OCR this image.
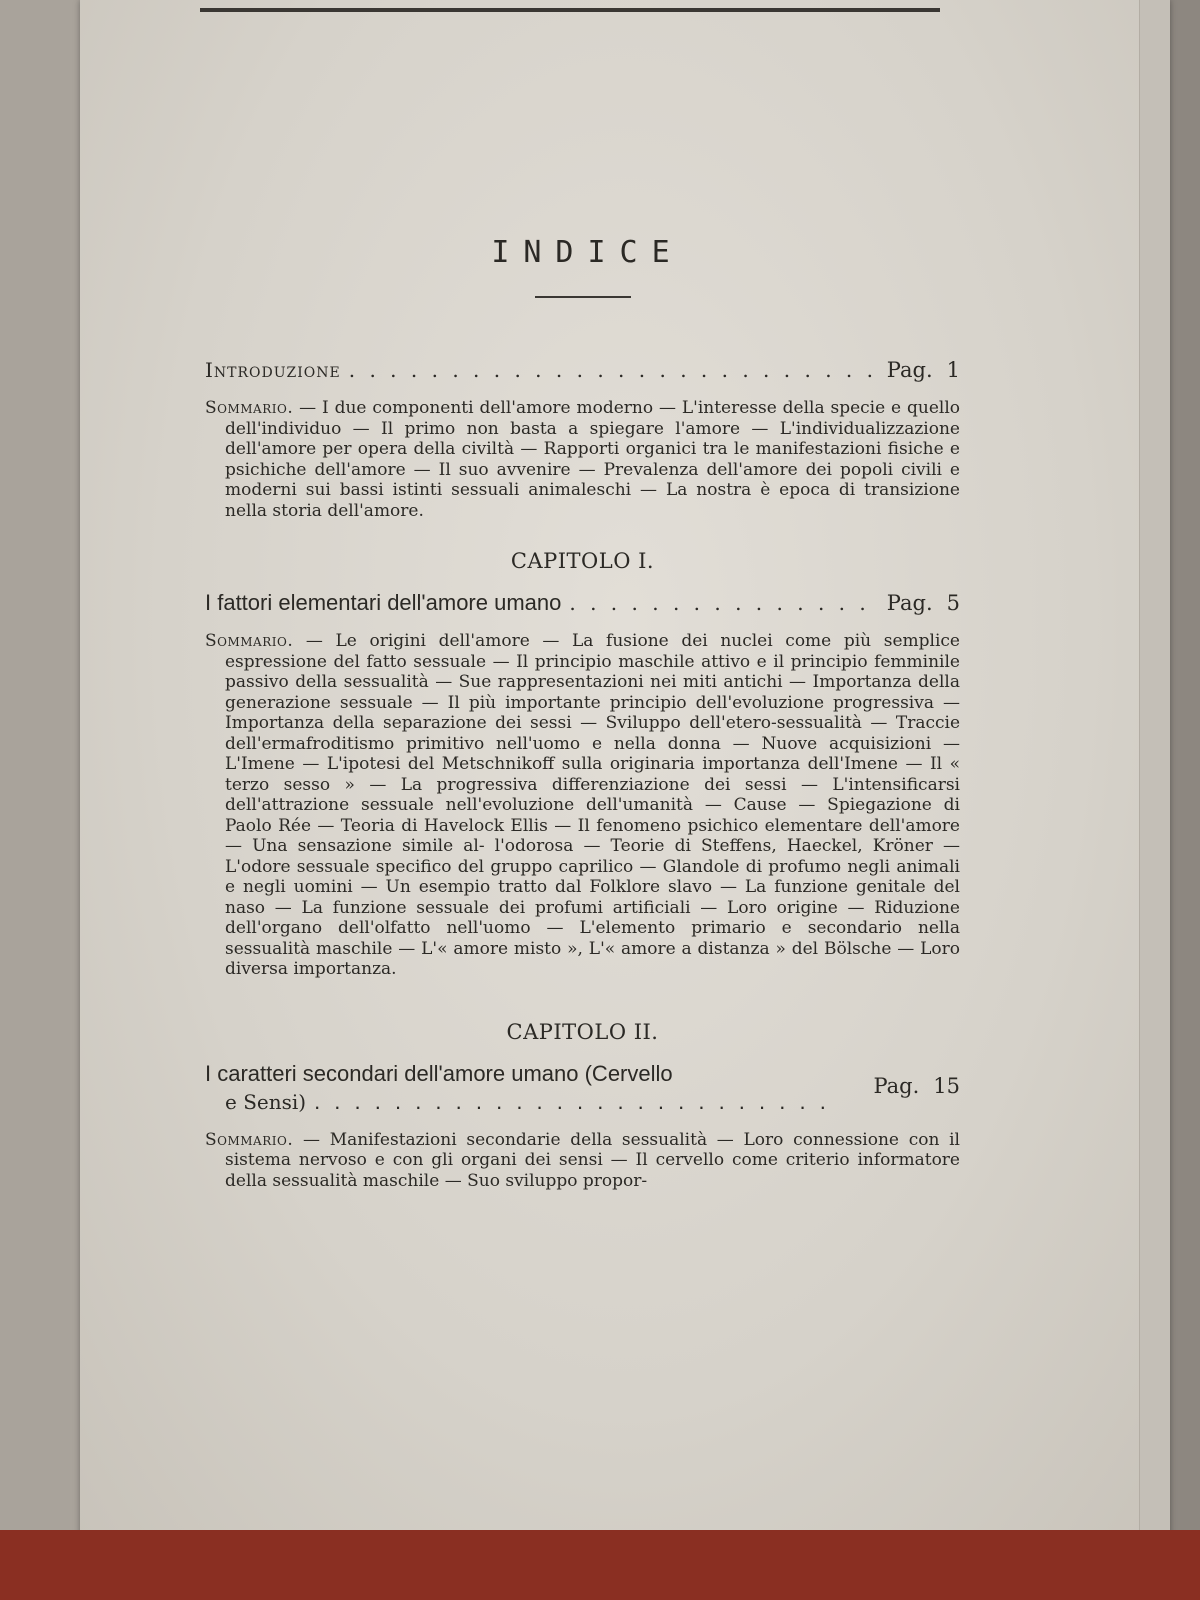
INDICE
Introduzione . . .	Pag. 1

Sommario. — I due componenti dell'amore moderno — L'interesse della specie e quello dell'individuo — Il primo non basta a spiegare l'amore — L'individualizzazione dell'amore per opera della civiltà — Rapporti organici tra le manifestazioni fisiche e psichiche dell'amore — Il suo avvenire — Prevalenza dell'amore dei popoli civili e moderni sui bassi istinti sessuali animaleschi — La nostra è epoca di transizione nella storia dell'amore.

CAPITOLO I.
I fattori elementari dell'amore umano . . .	Pag. 5

Sommario. — Le origini dell'amore — La fusione dei nuclei come più semplice espressione del fatto sessuale — Il principio maschile attivo e il principio femminile passivo della sessualità — Sue rappresentazioni nei miti antichi — Importanza della generazione sessuale — Il più importante principio dell'evoluzione progressiva — Importanza della separazione dei sessi — Sviluppo dell'etero-sessualità — Traccie dell'ermafroditismo primitivo nell'uomo e nella donna — Nuove acquisizioni — L'Imene — L'ipotesi del Metschnikoff sulla originaria importanza dell'Imene — Il « terzo sesso » — La progressiva differenziazione dei sessi — L'intensificarsi dell'attrazione sessuale nell'evoluzione dell'umanità — Cause — Spiegazione di Paolo Rée — Teoria di Havelock Ellis — Il fenomeno psichico elementare dell'amore — Una sensazione simile al- l'odorosa — Teorie di Steffens, Haeckel, Kröner — L'odore sessuale specifico del gruppo caprilico — Glandole di profumo negli animali e negli uomini — Un esempio tratto dal Folklore slavo — La funzione genitale del naso — La funzione sessuale dei profumi artificiali — Loro origine — Riduzione dell'organo dell'olfatto nell'uomo — L'elemento primario e secondario nella sessualità maschile — L'« amore misto », L'« amore a distanza » del Bölsche — Loro diversa importanza.

CAPITOLO II.
I caratteri secondari dell'amore umano (Cervello
e Sensi)
. . .
Pag. 15

Sommario. — Manifestazioni secondarie della sessualità — Loro connessione con il sistema nervoso e con gli organi dei sensi — Il cervello come criterio informatore della sessualità maschile — Suo sviluppo propor-
